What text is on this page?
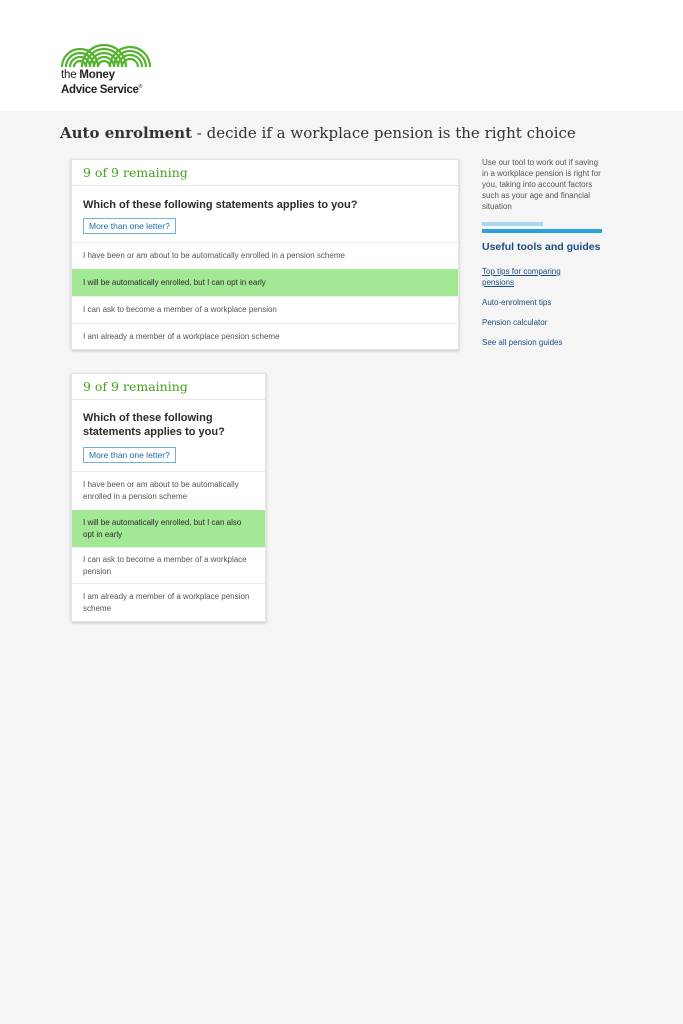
the Money
Advice Service®
Auto enrolment - decide if a workplace pension is the right choice
9 of 9 remaining
Which of these following statements applies to you?
More than one letter?
I have been or am about to be automatically enrolled in a pension scheme
I will be automatically enrolled, but I can opt in early
I can ask to become a member of a workplace pension
I am already a member of a workplace pension scheme
9 of 9 remaining
Which of these following statements applies to you?
More than one letter?
I have been or am about to be automatically enrolled in a pension scheme
I will be automatically enrolled, but I can also opt in early
I can ask to become a member of a workplace pension
I am already a member of a workplace pension scheme

Use our tool to work out if saving in a workplace pension is right for you, taking into account factors such as your age and financial situation

Useful tools and guides
Top tips for comparing pensions
Auto-enrolment tips
Pension calculator
See all pension guides
